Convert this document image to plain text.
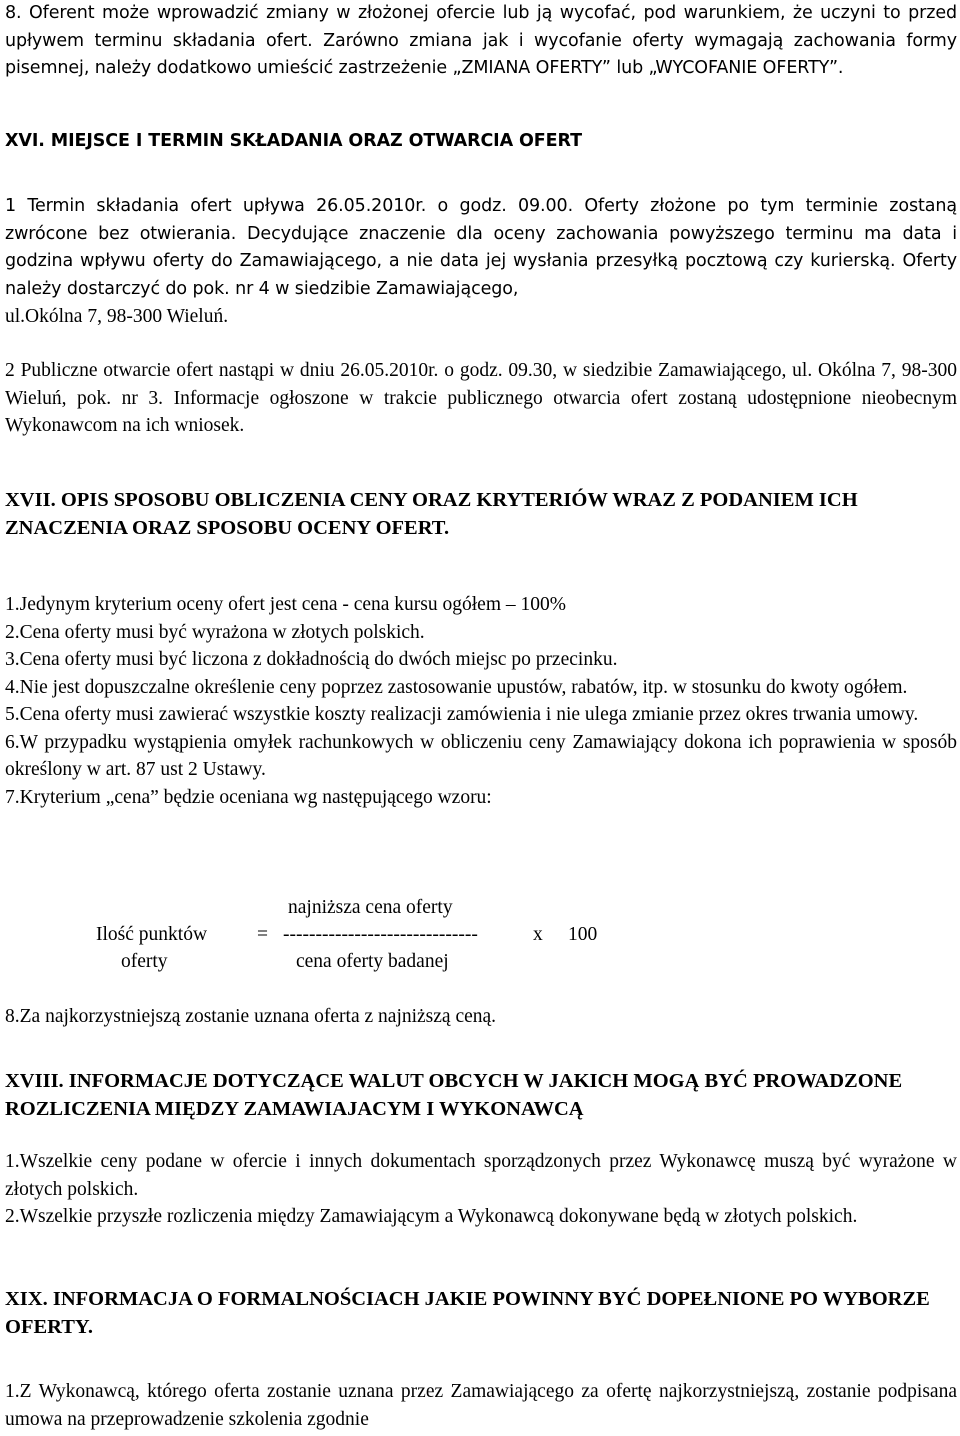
8. Oferent może wprowadzić zmiany w złożonej ofercie lub ją wycofać, pod warunkiem, że uczyni to przed upływem terminu składania ofert. Zarówno zmiana jak i wycofanie oferty wymagają zachowania formy pisemnej, należy dodatkowo umieścić zastrzeżenie „ZMIANA OFERTY” lub „WYCOFANIE OFERTY”.

XVI. MIEJSCE I TERMIN SKŁADANIA ORAZ OTWARCIA OFERT

1 Termin składania ofert upływa 26.05.2010r. o godz. 09.00. Oferty złożone po tym terminie zostaną zwrócone bez otwierania. Decydujące znaczenie dla oceny zachowania powyższego terminu ma data i godzina wpływu oferty do Zamawiającego, a nie data jej wysłania przesyłką pocztową czy kurierską. Oferty należy dostarczyć do pok. nr 4 w siedzibie Zamawiającego,

ul.Okólna 7, 98-300 Wieluń.

2 Publiczne otwarcie ofert nastąpi w dniu 26.05.2010r. o godz. 09.30, w siedzibie Zamawiającego, ul. Okólna 7, 98-300 Wieluń, pok. nr 3. Informacje ogłoszone w trakcie publicznego otwarcia ofert zostaną udostępnione nieobecnym Wykonawcom na ich wniosek.

XVII. OPIS SPOSOBU OBLICZENIA CENY ORAZ KRYTERIÓW WRAZ Z PODANIEM ICH ZNACZENIA ORAZ SPOSOBU OCENY OFERT.

1.Jedynym kryterium oceny ofert jest cena - cena kursu ogółem – 100%

2.Cena oferty musi być wyrażona w złotych polskich.

3.Cena oferty musi być liczona z dokładnością do dwóch miejsc po przecinku.

4.Nie jest dopuszczalne określenie ceny poprzez zastosowanie upustów, rabatów, itp. w stosunku do kwoty ogółem.

5.Cena oferty musi zawierać wszystkie koszty realizacji zamówienia i nie ulega zmianie przez okres trwania umowy.

6.W przypadku wystąpienia omyłek rachunkowych w obliczeniu ceny Zamawiający dokona ich poprawienia w sposób określony w art. 87 ust 2 Ustawy.

7.Kryterium „cena” będzie oceniana wg następującego wzoru:

najniższa cena oferty
Ilość punktów	= ------------------------------	x 100
oferty	cena oferty badanej

8.Za najkorzystniejszą zostanie uznana oferta z najniższą ceną.

XVIII. INFORMACJE DOTYCZĄCE WALUT OBCYCH W JAKICH MOGĄ BYĆ PROWADZONE ROZLICZENIA MIĘDZY ZAMAWIAJACYM I WYKONAWCĄ

1.Wszelkie ceny podane w ofercie i innych dokumentach sporządzonych przez Wykonawcę muszą być wyrażone w złotych polskich.

2.Wszelkie przyszłe rozliczenia między Zamawiającym a Wykonawcą dokonywane będą w złotych polskich.

XIX. INFORMACJA O FORMALNOŚCIACH JAKIE POWINNY BYĆ DOPEŁNIONE PO WYBORZE OFERTY.

1.Z Wykonawcą, którego oferta zostanie uznana przez Zamawiającego za ofertę najkorzystniejszą, zostanie podpisana umowa na przeprowadzenie szkolenia zgodnie
